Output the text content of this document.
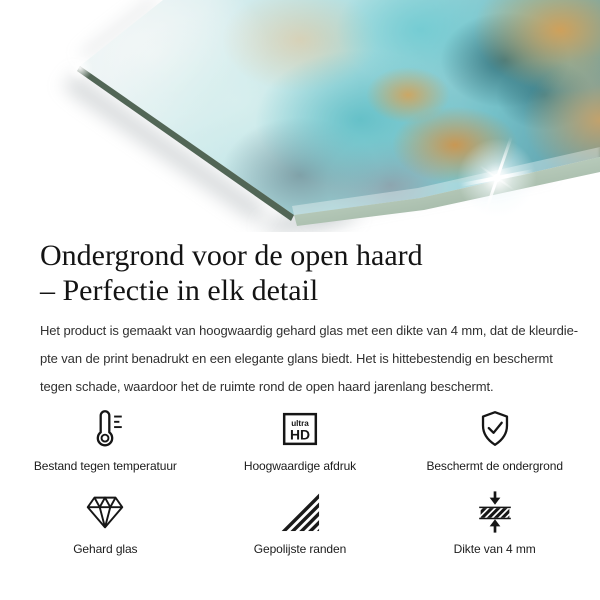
Ondergrond voor de open haard
– Perfectie in elk detail
Het product is gemaakt van hoogwaardig gehard glas met een dikte van 4 mm, dat de kleurdie-
pte van de print benadrukt en een elegante glans biedt. Het is hittebestendig en beschermt
tegen schade, waardoor het de ruimte rond de open haard jarenlang beschermt.
Bestand tegen temperatuur
ultra
HD
Hoogwaardige afdruk	Beschermt de ondergrond
Gehard glas	Gepolijste randen	Dikte van 4 mm
